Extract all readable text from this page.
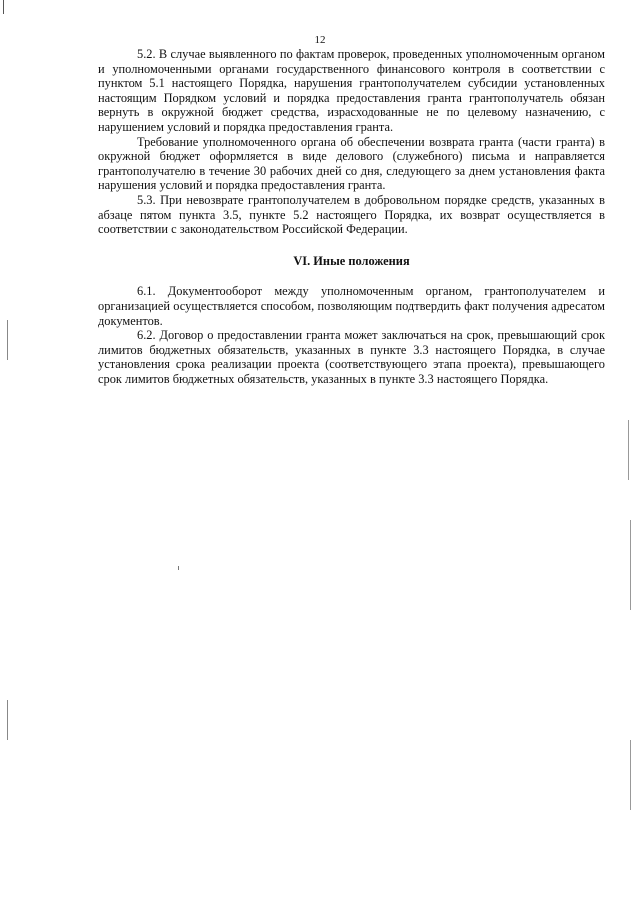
12

5.2. В случае выявленного по фактам проверок, проведенных уполномоченным органом и уполномоченными органами государственного финансового контроля в соответствии с пунктом 5.1 настоящего Порядка, нарушения грантополучателем субсидии установленных настоящим Порядком условий и порядка предоставления гранта грантополучатель обязан вернуть в окружной бюджет средства, израсходованные не по целевому назначению, с нарушением условий и порядка предоставления гранта.

Требование уполномоченного органа об обеспечении возврата гранта (части гранта) в окружной бюджет оформляется в виде делового (служебного) письма и направляется грантополучателю в течение 30 рабочих дней со дня, следующего за днем установления факта нарушения условий и порядка предоставления гранта.

5.3. При невозврате грантополучателем в добровольном порядке средств, указанных в абзаце пятом пункта 3.5, пункте 5.2 настоящего Порядка, их возврат осуществляется в соответствии с законодательством Российской Федерации.

VI. Иные положения

6.1. Документооборот между уполномоченным органом, грантополучателем и организацией осуществляется способом, позволяющим подтвердить факт получения адресатом документов.

6.2. Договор о предоставлении гранта может заключаться на срок, превышающий срок лимитов бюджетных обязательств, указанных в пункте 3.3 настоящего Порядка, в случае установления срока реализации проекта (соответствующего этапа проекта), превышающего срок лимитов бюджетных обязательств, указанных в пункте 3.3 настоящего Порядка.
